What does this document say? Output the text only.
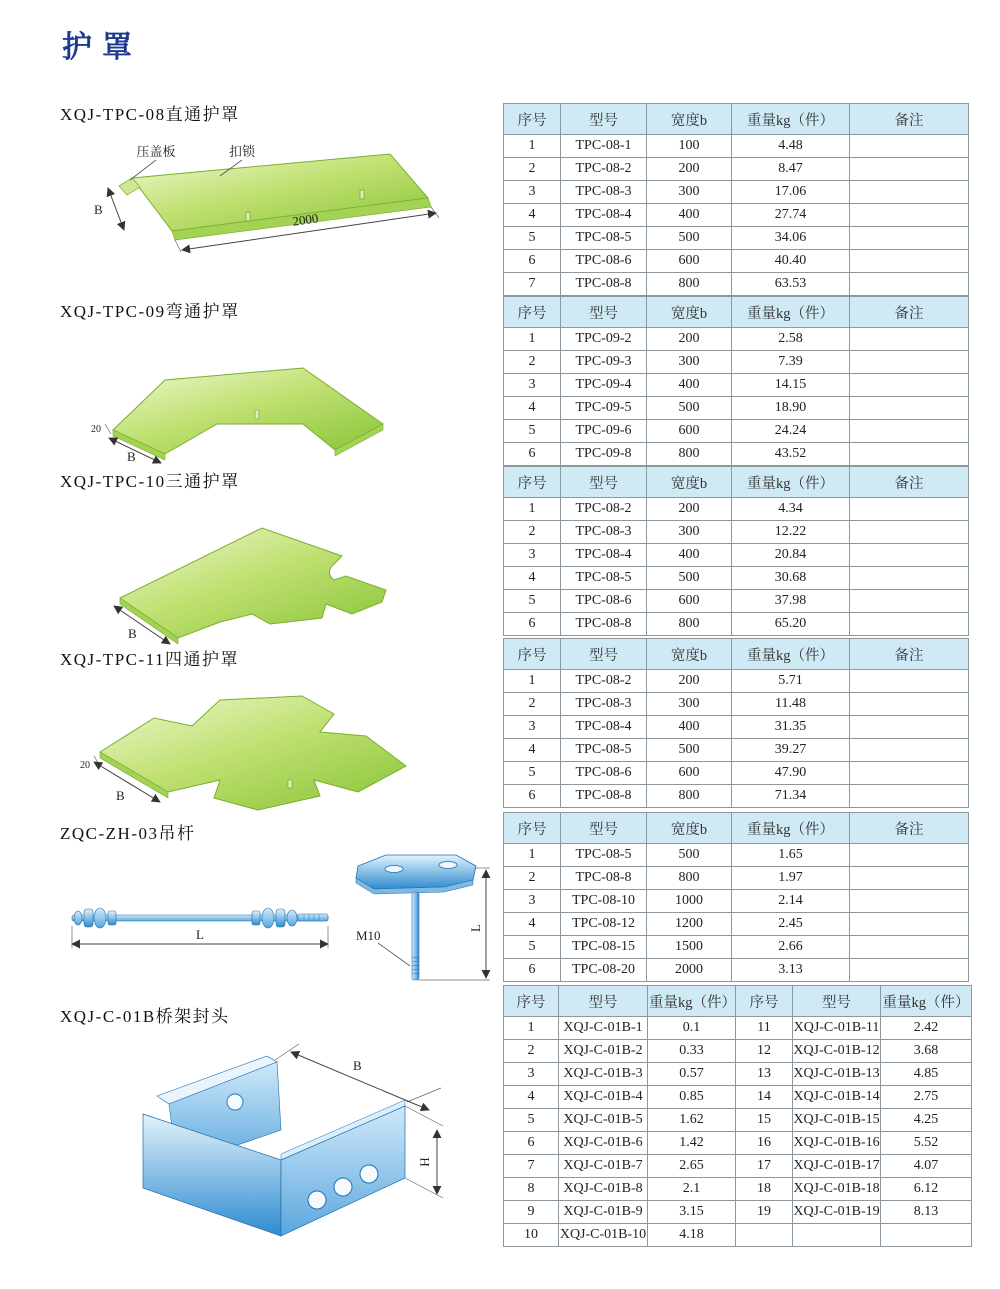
护罩
XQJ-TPC-08直通护罩
XQJ-TPC-09弯通护罩
XQJ-TPC-10三通护罩
XQJ-TPC-11四通护罩
ZQC-ZH-03吊杆
XQJ-C-01B桥架封头
压盖板	扣锁
B
2000
20
B
B
20
B
L	M10	L
B
H
序号	型号	宽度b	重量kg（件）	备注
1	TPC-08-1	100	4.48	
2	TPC-08-2	200	8.47	
3	TPC-08-3	300	17.06	
4	TPC-08-4	400	27.74	
5	TPC-08-5	500	34.06	
6	TPC-08-6	600	40.40	
7	TPC-08-8	800	63.53	
序号	型号	宽度b	重量kg（件）	备注
1	TPC-09-2	200	2.58	
2	TPC-09-3	300	7.39	
3	TPC-09-4	400	14.15	
4	TPC-09-5	500	18.90	
5	TPC-09-6	600	24.24	
6	TPC-09-8	800	43.52	
序号	型号	宽度b	重量kg（件）	备注
1	TPC-08-2	200	4.34	
2	TPC-08-3	300	12.22	
3	TPC-08-4	400	20.84	
4	TPC-08-5	500	30.68	
5	TPC-08-6	600	37.98	
6	TPC-08-8	800	65.20	
序号	型号	宽度b	重量kg（件）	备注
1	TPC-08-2	200	5.71	
2	TPC-08-3	300	11.48	
3	TPC-08-4	400	31.35	
4	TPC-08-5	500	39.27	
5	TPC-08-6	600	47.90	
6	TPC-08-8	800	71.34	
序号	型号	宽度b	重量kg（件）	备注
1	TPC-08-5	500	1.65	
2	TPC-08-8	800	1.97	
3	TPC-08-10	1000	2.14	
4	TPC-08-12	1200	2.45	
5	TPC-08-15	1500	2.66	
6	TPC-08-20	2000	3.13	
序号	型号	重量kg（件）	序号	型号	重量kg（件）
1	XQJ-C-01B-1	0.1	11	XQJ-C-01B-11	2.42
2	XQJ-C-01B-2	0.33	12	XQJ-C-01B-12	3.68
3	XQJ-C-01B-3	0.57	13	XQJ-C-01B-13	4.85
4	XQJ-C-01B-4	0.85	14	XQJ-C-01B-14	2.75
5	XQJ-C-01B-5	1.62	15	XQJ-C-01B-15	4.25
6	XQJ-C-01B-6	1.42	16	XQJ-C-01B-16	5.52
7	XQJ-C-01B-7	2.65	17	XQJ-C-01B-17	4.07
8	XQJ-C-01B-8	2.1	18	XQJ-C-01B-18	6.12
9	XQJ-C-01B-9	3.15	19	XQJ-C-01B-19	8.13
10	XQJ-C-01B-10	4.18			
